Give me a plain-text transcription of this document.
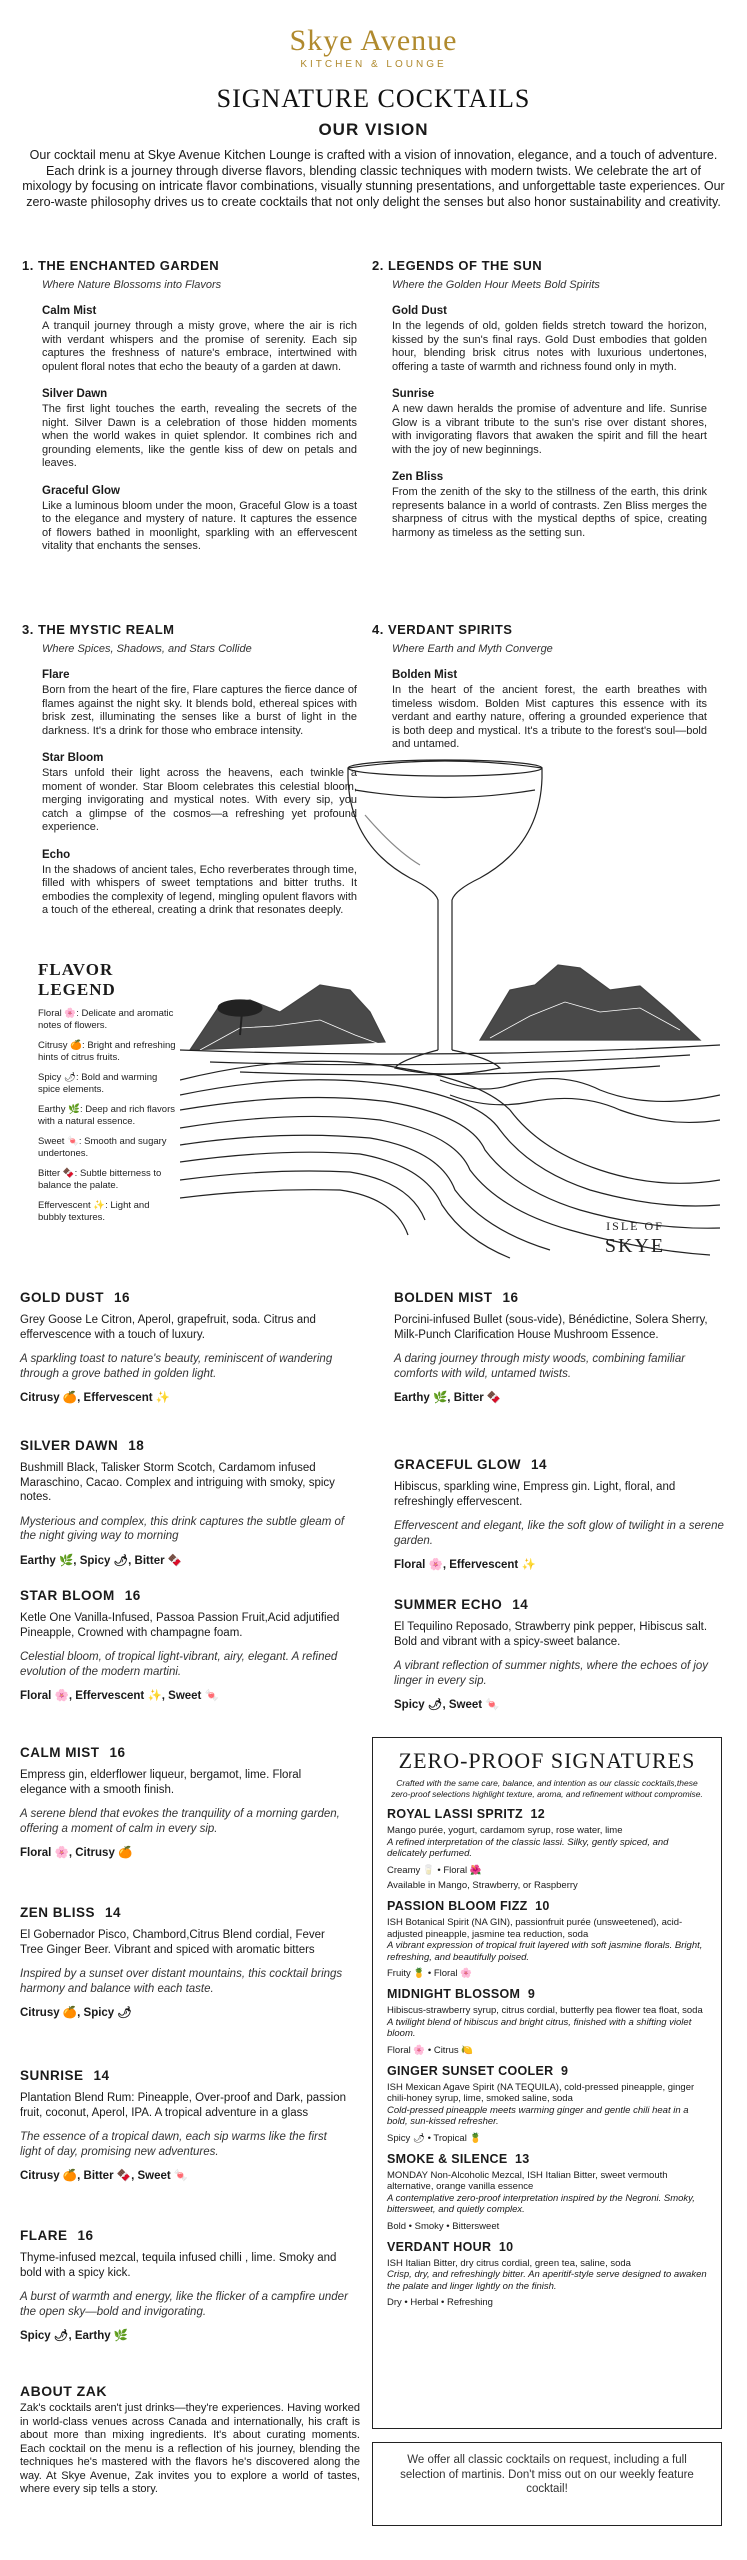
Skye Avenue
KITCHEN & LOUNGE
SIGNATURE COCKTAILS
OUR VISION

Our cocktail menu at Skye Avenue Kitchen Lounge is crafted with a vision of innovation, elegance, and a touch of adventure. Each drink is a journey through diverse flavors, blending classic techniques with modern twists. We celebrate the art of mixology by focusing on intricate flavor combinations, visually stunning presentations, and unforgettable taste experiences. Our zero-waste philosophy drives us to create cocktails that not only delight the senses but also honor sustainability and creativity.

1. THE ENCHANTED GARDEN

Where Nature Blossoms into Flavors

Calm Mist

A tranquil journey through a misty grove, where the air is rich with verdant whispers and the promise of serenity. Each sip captures the freshness of nature's embrace, intertwined with opulent floral notes that echo the beauty of a garden at dawn.

Silver Dawn

The first light touches the earth, revealing the secrets of the night. Silver Dawn is a celebration of those hidden moments when the world wakes in quiet splendor. It combines rich and grounding elements, like the gentle kiss of dew on petals and leaves.

Graceful Glow

Like a luminous bloom under the moon, Graceful Glow is a toast to the elegance and mystery of nature. It captures the essence of flowers bathed in moonlight, sparkling with an effervescent vitality that enchants the senses.

2. LEGENDS OF THE SUN

Where the Golden Hour Meets Bold Spirits

Gold Dust

In the legends of old, golden fields stretch toward the horizon, kissed by the sun's final rays. Gold Dust embodies that golden hour, blending brisk citrus notes with luxurious undertones, offering a taste of warmth and richness found only in myth.

Sunrise

A new dawn heralds the promise of adventure and life. Sunrise Glow is a vibrant tribute to the sun's rise over distant shores, with invigorating flavors that awaken the spirit and fill the heart with the joy of new beginnings.

Zen Bliss

From the zenith of the sky to the stillness of the earth, this drink represents balance in a world of contrasts. Zen Bliss merges the sharpness of citrus with the mystical depths of spice, creating harmony as timeless as the setting sun.

3. THE MYSTIC REALM

Where Spices, Shadows, and Stars Collide

Flare

Born from the heart of the fire, Flare captures the fierce dance of flames against the night sky. It blends bold, ethereal spices with brisk zest, illuminating the senses like a burst of light in the darkness. It's a drink for those who embrace intensity.

Star Bloom

Stars unfold their light across the heavens, each twinkle a moment of wonder. Star Bloom celebrates this celestial bloom, merging invigorating and mystical notes. With every sip, you catch a glimpse of the cosmos—a refreshing yet profound experience.

Echo

In the shadows of ancient tales, Echo reverberates through time, filled with whispers of sweet temptations and bitter truths. It embodies the complexity of legend, mingling opulent flavors with a touch of the ethereal, creating a drink that resonates deeply.

4. VERDANT SPIRITS

Where Earth and Myth Converge

Bolden Mist

In the heart of the ancient forest, the earth breathes with timeless wisdom. Bolden Mist captures this essence with its verdant and earthy nature, offering a grounded experience that is both deep and mystical. It's a tribute to the forest's soul—bold and untamed.

ISLE OF
SKYE
FLAVOR LEGEND
Floral 🌸: Delicate and aromatic notes of flowers.
Citrusy 🍊: Bright and refreshing hints of citrus fruits.
Spicy 🌶: Bold and warming spice elements.
Earthy 🌿: Deep and rich flavors with a natural essence.
Sweet 🍬: Smooth and sugary undertones.
Bitter 🍫: Subtle bitterness to balance the palate.
Effervescent ✨: Light and bubbly textures.

GOLD DUST 16

Grey Goose Le Citron, Aperol, grapefruit, soda. Citrus and effervescence with a touch of luxury.

A sparkling toast to nature's beauty, reminiscent of wandering through a grove bathed in golden light.

Citrusy 🍊, Effervescent ✨

SILVER DAWN 18

Bushmill Black, Talisker Storm Scotch, Cardamom infused Maraschino, Cacao. Complex and intriguing with smoky, spicy notes.

Mysterious and complex, this drink captures the subtle gleam of the night giving way to morning

Earthy 🌿, Spicy 🌶, Bitter 🍫

STAR BLOOM 16

Ketle One Vanilla-Infused, Passoa Passion Fruit,Acid adjutified Pineapple, Crowned with champagne foam.

Celestial bloom, of tropical light-vibrant, airy, elegant. A refined evolution of the modern martini.

Floral 🌸, Effervescent ✨, Sweet 🍬

CALM MIST 16

Empress gin, elderflower liqueur, bergamot, lime. Floral elegance with a smooth finish.

A serene blend that evokes the tranquility of a morning garden, offering a moment of calm in every sip.

Floral 🌸, Citrusy 🍊

ZEN BLISS 14

El Gobernador Pisco, Chambord,Citrus Blend cordial, Fever Tree Ginger Beer. Vibrant and spiced with aromatic bitters

Inspired by a sunset over distant mountains, this cocktail brings harmony and balance with each taste.

Citrusy 🍊, Spicy 🌶

SUNRISE 14

Plantation Blend Rum: Pineapple, Over-proof and Dark, passion fruit, coconut, Aperol, IPA. A tropical adventure in a glass

The essence of a tropical dawn, each sip warms like the first light of day, promising new adventures.

Citrusy 🍊, Bitter 🍫, Sweet 🍬

FLARE 16

Thyme-infused mezcal, tequila infused chilli , lime. Smoky and bold with a spicy kick.

A burst of warmth and energy, like the flicker of a campfire under the open sky—bold and invigorating.

Spicy 🌶, Earthy 🌿

BOLDEN MIST 16

Porcini-infused Bullet (sous-vide), Bénédictine, Solera Sherry, Milk-Punch Clarification House Mushroom Essence.

A daring journey through misty woods, combining familiar comforts with wild, untamed twists.

Earthy 🌿, Bitter 🍫

GRACEFUL GLOW 14

Hibiscus, sparkling wine, Empress gin. Light, floral, and refreshingly effervescent.

Effervescent and elegant, like the soft glow of twilight in a serene garden.

Floral 🌸, Effervescent ✨

SUMMER ECHO 14

El Tequilino Reposado, Strawberry pink pepper, Hibiscus salt. Bold and vibrant with a spicy-sweet balance.

A vibrant reflection of summer nights, where the echoes of joy linger in every sip.

Spicy 🌶, Sweet 🍬

ZERO-PROOF SIGNATURES

Crafted with the same care, balance, and intention as our classic cocktails,these zero-proof selections highlight texture, aroma, and refinement without compromise.

ROYAL LASSI SPRITZ 12

Mango purée, yogurt, cardamom syrup, rose water, lime

A refined interpretation of the classic lassi. Silky, gently spiced, and delicately perfumed.

Creamy 🥛 • Floral 🌺

Available in Mango, Strawberry, or Raspberry

PASSION BLOOM FIZZ 10

ISH Botanical Spirit (NA GIN), passionfruit purée (unsweetened), acid-adjusted pineapple, jasmine tea reduction, soda

A vibrant expression of tropical fruit layered with soft jasmine florals. Bright, refreshing, and beautifully poised.

Fruity 🍍 • Floral 🌸

MIDNIGHT BLOSSOM 9

Hibiscus-strawberry syrup, citrus cordial, butterfly pea flower tea float, soda

A twilight blend of hibiscus and bright citrus, finished with a shifting violet bloom.

Floral 🌸 • Citrus 🍋

GINGER SUNSET COOLER 9

ISH Mexican Agave Spirit (NA TEQUILA), cold-pressed pineapple, ginger chili-honey syrup, lime, smoked saline, soda

Cold-pressed pineapple meets warming ginger and gentle chili heat in a bold, sun-kissed refresher.

Spicy 🌶 • Tropical 🍍

SMOKE & SILENCE 13

MONDAY Non-Alcoholic Mezcal, ISH Italian Bitter, sweet vermouth alternative, orange vanilla essence

A contemplative zero-proof interpretation inspired by the Negroni. Smoky, bittersweet, and quietly complex.

Bold • Smoky • Bittersweet

VERDANT HOUR 10

ISH Italian Bitter, dry citrus cordial, green tea, saline, soda

Crisp, dry, and refreshingly bitter. An aperitif-style serve designed to awaken the palate and linger lightly on the finish.

Dry • Herbal • Refreshing

We offer all classic cocktails on request, including a full selection of martinis. Don't miss out on our weekly feature cocktail!

ABOUT ZAK

Zak's cocktails aren't just drinks—they're experiences. Having worked in world-class venues across Canada and internationally, his craft is about more than mixing ingredients. It's about curating moments. Each cocktail on the menu is a reflection of his journey, blending the techniques he's mastered with the flavors he's discovered along the way. At Skye Avenue, Zak invites you to explore a world of tastes, where every sip tells a story.
